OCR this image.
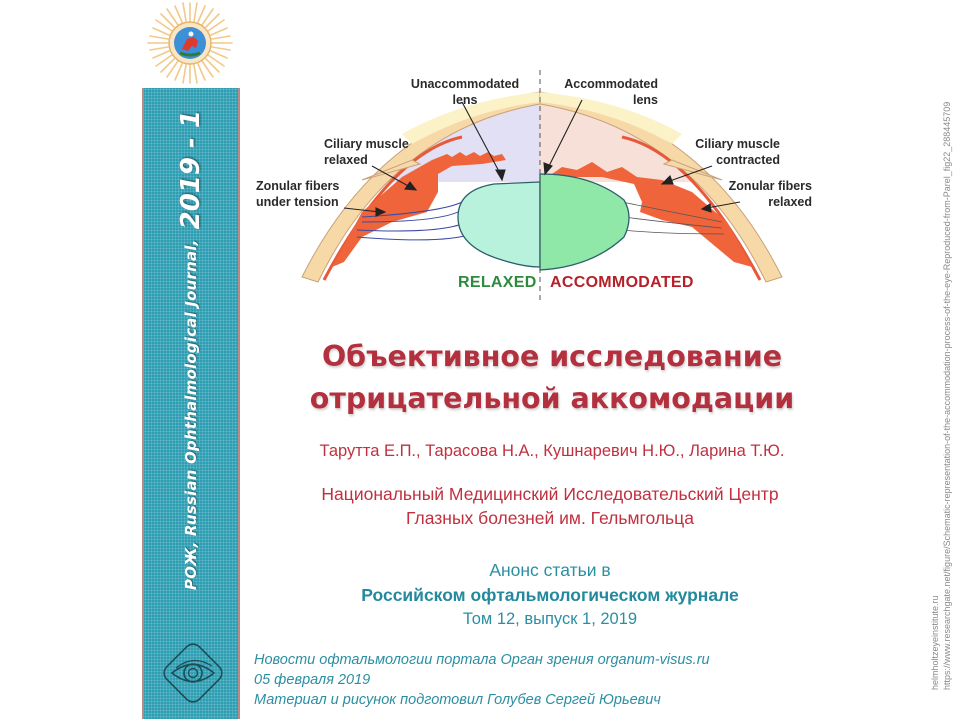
РОЖ, Russian Ophthalmological Journal,
2019 - 1
Unaccommodated
lens
Accommodated
lens
Ciliary muscle
relaxed
Ciliary muscle
contracted
Zonular fibers
under tension
Zonular fibers
relaxed
RELAXED ACCOMMODATED
Объективное исследование
отрицательной аккомодации
Тарутта Е.П., Тарасова Н.А., Кушнаревич Н.Ю., Ларина Т.Ю.
Национальный Медицинский Исследовательский Центр
Глазных болезней им. Гельмгольца
Анонс статьи в
Российском офтальмологическом журнале
Том 12, выпуск 1, 2019
Новости офтальмологии портала Орган зрения organum-visus.ru
05 февраля 2019
Материал и рисунок подготовил Голубев Сергей Юрьевич
helmholtzeyeinstitute.ru https://www.researchgate.net/figure/Schematic-representation-of-the-accommodation-process-of-the-eye-Reproduced-from-Parel_fig22_288445709
